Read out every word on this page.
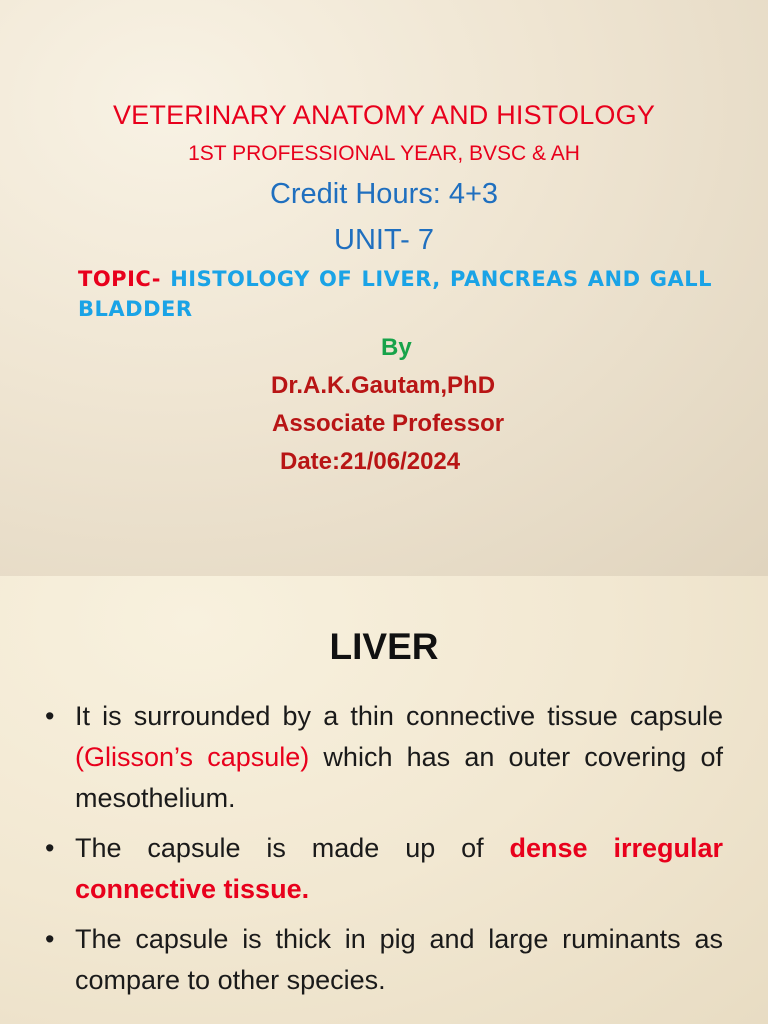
VETERINARY ANATOMY AND HISTOLOGY
1ST PROFESSIONAL YEAR, BVSC & AH
Credit Hours: 4+3
UNIT- 7
TOPIC- HISTOLOGY OF LIVER, PANCREAS AND GALL BLADDER
By
Dr.A.K.Gautam,PhD
Associate Professor
Date:21/06/2024
LIVER
• It is surrounded by a thin connective tissue capsule (Glisson’s capsule) which has an outer covering of mesothelium.
• The capsule is made up of dense irregular connective tissue.
• The capsule is thick in pig and large ruminants as compare to other species.
